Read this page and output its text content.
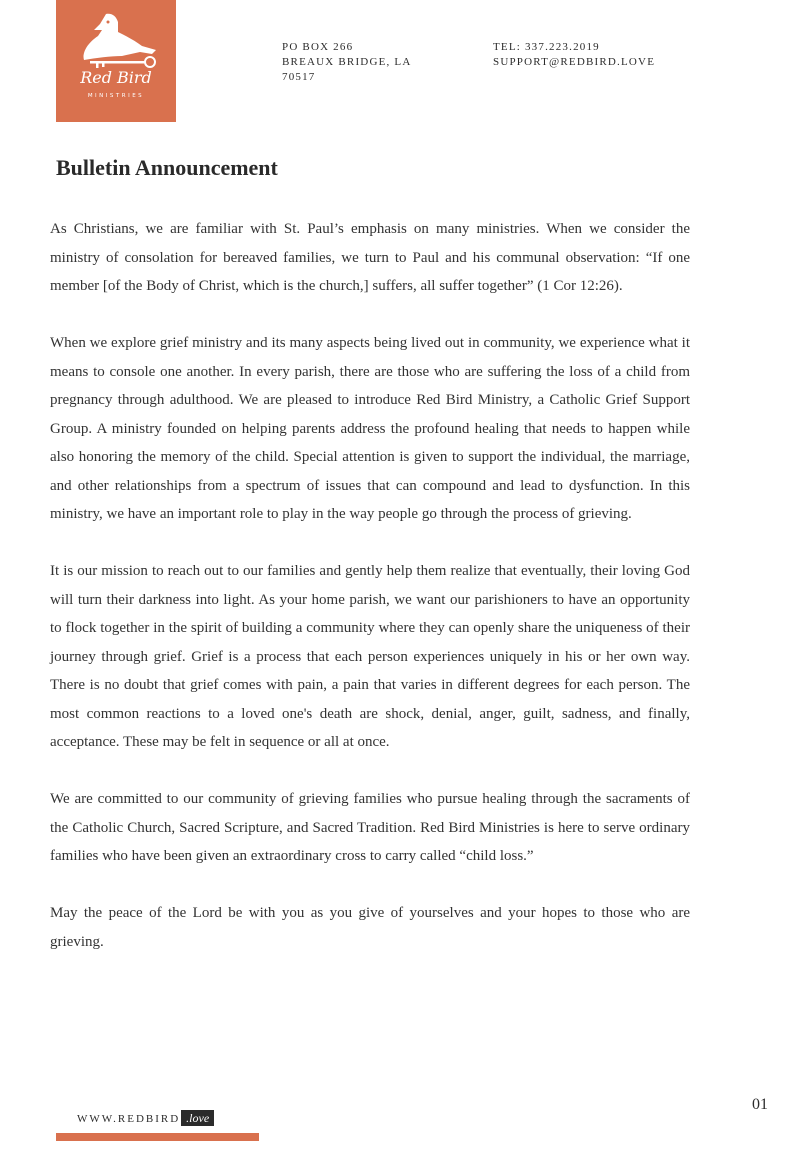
Red Bird
MINISTRIES
PO BOX 266
BREAUX BRIDGE, LA
70517
TEL: 337.223.2019
SUPPORT@REDBIRD.LOVE
Bulletin Announcement

As Christians, we are familiar with St. Paul’s emphasis on many ministries. When we consider the ministry of consolation for bereaved families, we turn to Paul and his communal observation: “If one member [of the Body of Christ, which is the church,] suffers, all suffer together” (1 Cor 12:26).

When we explore grief ministry and its many aspects being lived out in community, we experience what it means to console one another. In every parish, there are those who are suffering the loss of a child from pregnancy through adulthood. We are pleased to introduce Red Bird Ministry, a Catholic Grief Support Group. A ministry founded on helping parents address the profound healing that needs to happen while also honoring the memory of the child. Special attention is given to support the individual, the marriage, and other relationships from a spectrum of issues that can compound and lead to dysfunction. In this ministry, we have an important role to play in the way people go through the process of grieving.

It is our mission to reach out to our families and gently help them realize that eventually, their loving God will turn their darkness into light. As your home parish, we want our parishioners to have an opportunity to flock together in the spirit of building a community where they can openly share the uniqueness of their journey through grief. Grief is a process that each person experiences uniquely in his or her own way. There is no doubt that grief comes with pain, a pain that varies in different degrees for each person. The most common reactions to a loved one's death are shock, denial, anger, guilt, sadness, and finally, acceptance. These may be felt in sequence or all at once.

We are committed to our community of grieving families who pursue healing through the sacraments of the Catholic Church, Sacred Scripture, and Sacred Tradition. Red Bird Ministries is here to serve ordinary families who have been given an extraordinary cross to carry called “child loss.”

May the peace of the Lord be with you as you give of yourselves and your hopes to those who are grieving.

WWW.REDBIRD .love
01
